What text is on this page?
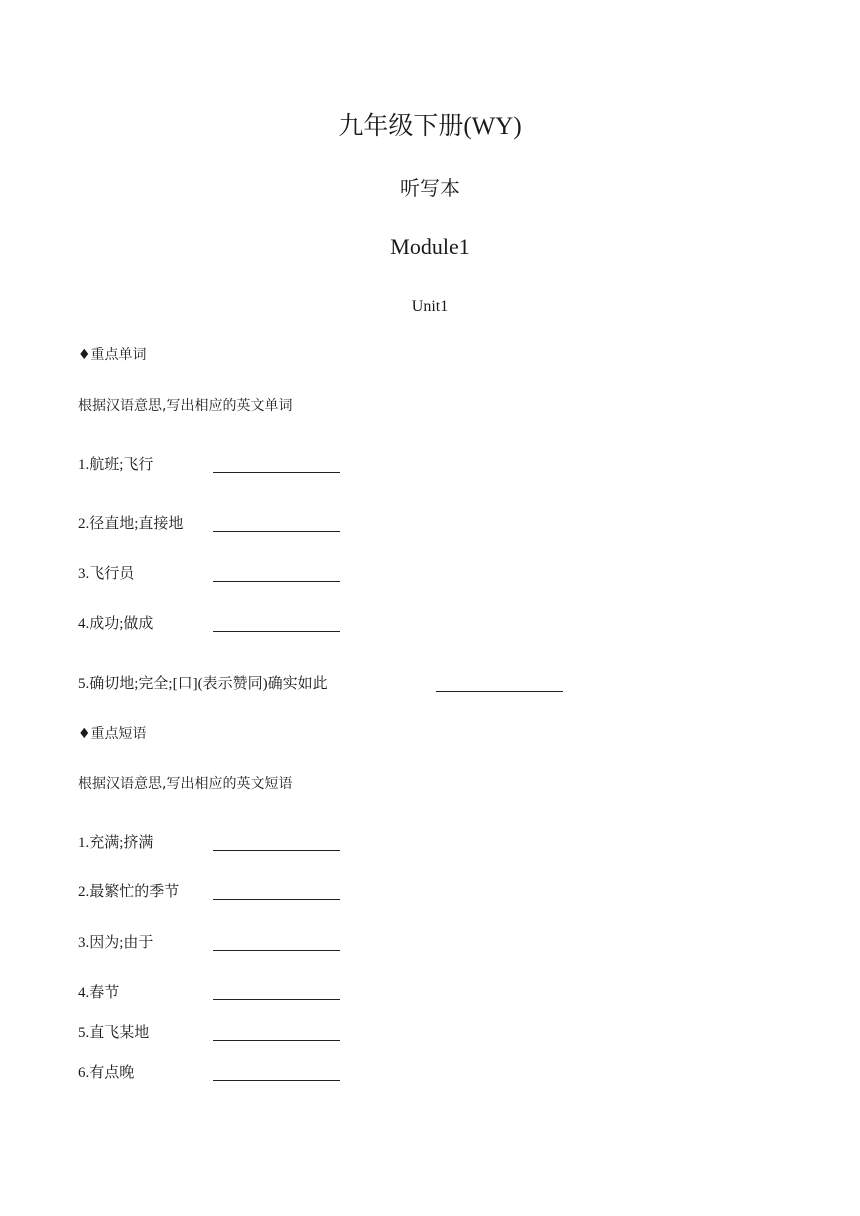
九年级下册(WY)
听写本
Module1
Unit1
♦重点单词
根据汉语意思,写出相应的英文单词
1.航班;飞行
2.径直地;直接地
3.飞行员
4.成功;做成
5.确切地;完全;[口](表示赞同)确实如此
♦重点短语
根据汉语意思,写出相应的英文短语
1.充满;挤满
2.最繁忙的季节
3.因为;由于
4.春节
5.直飞某地
6.有点晚
